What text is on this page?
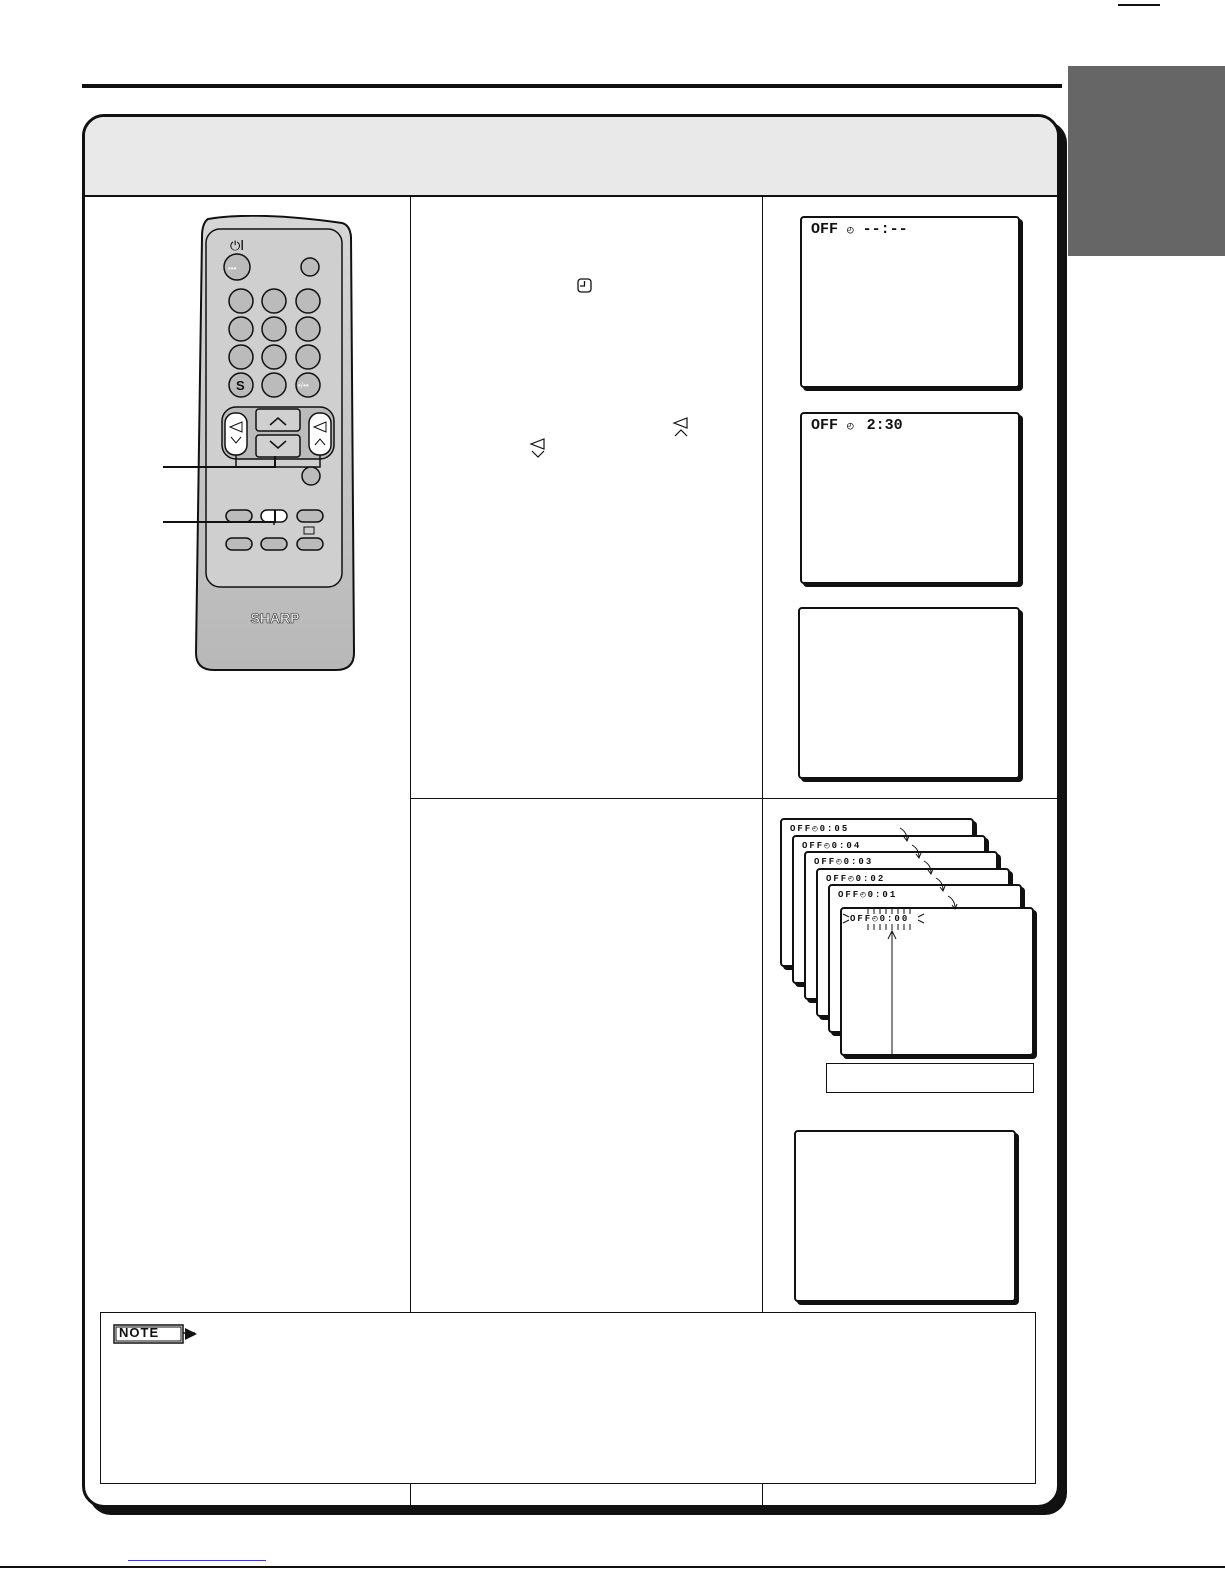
⏻I
•••
S	•/••
SHARP
OFF ◴ --:--
OFF ◴ 2:30
OFF◴0:05
OFF◴0:04
OFF◴0:03
OFF◴0:02
OFF◴0:01
OFF◴0:00
NOTE
